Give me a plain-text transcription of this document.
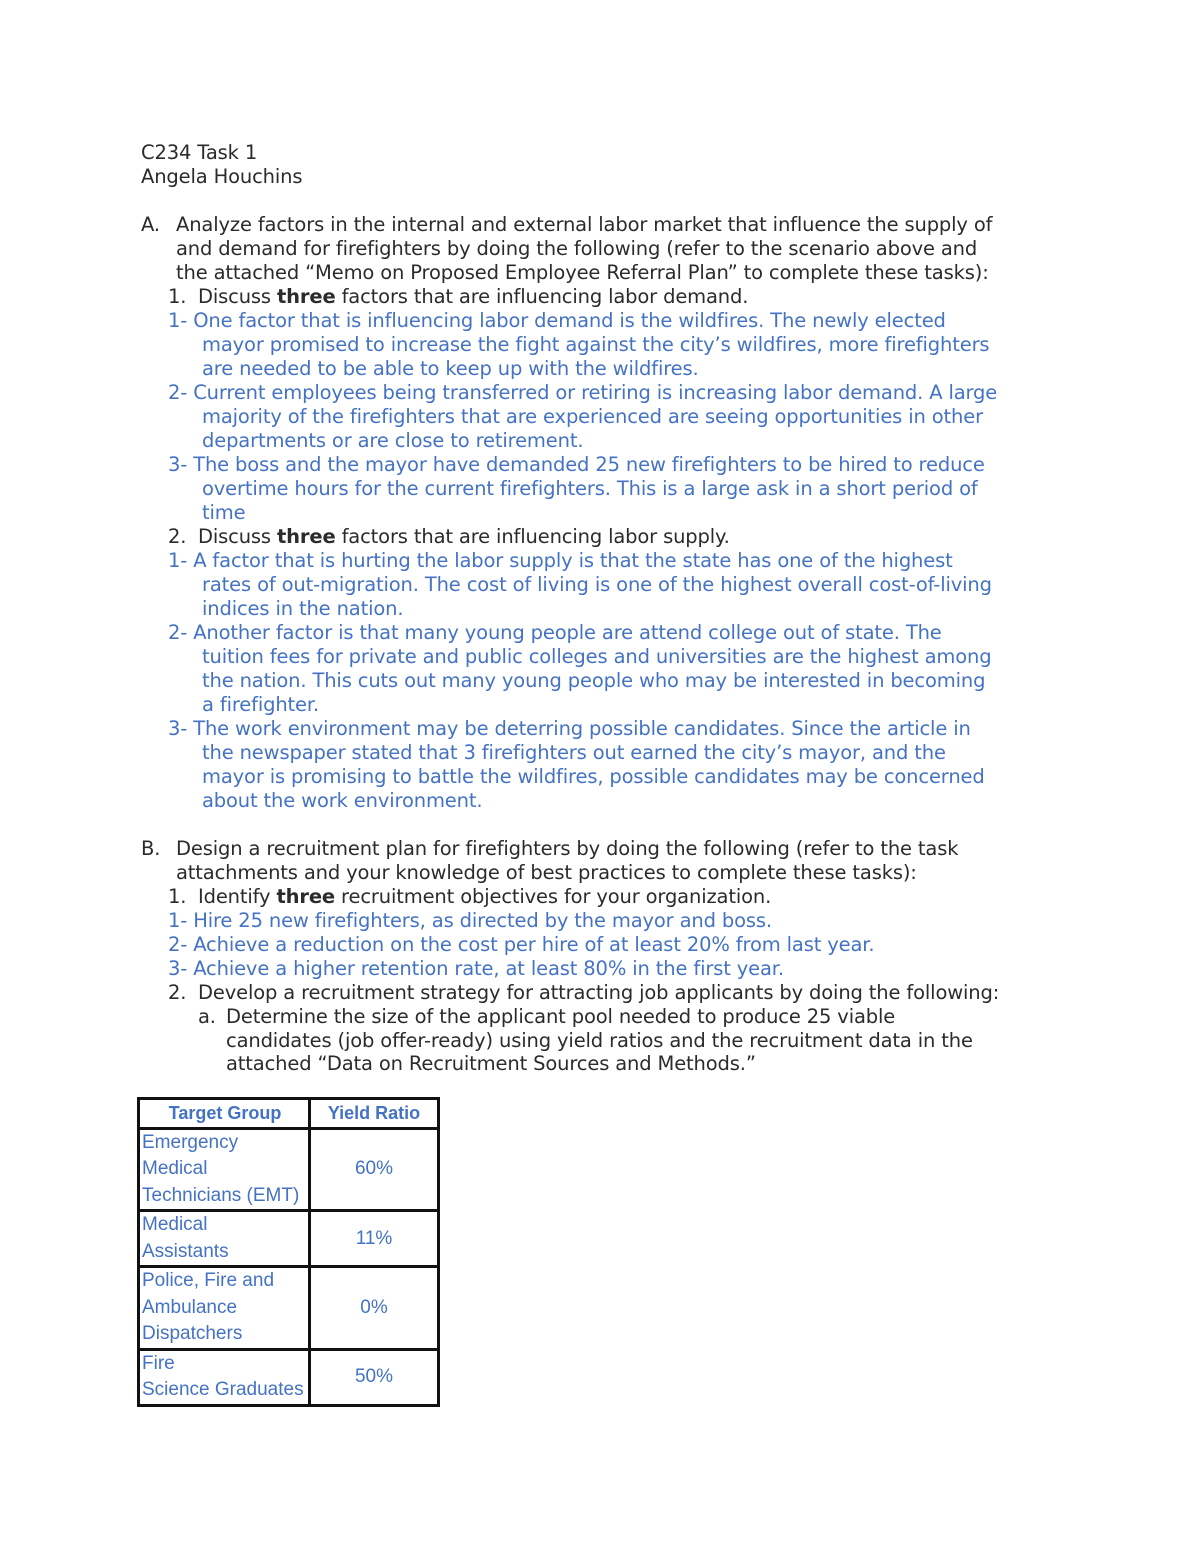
C234 Task 1
Angela Houchins
A. Analyze factors in the internal and external labor market that influence the supply of
and demand for firefighters by doing the following (refer to the scenario above and
the attached “Memo on Proposed Employee Referral Plan” to complete these tasks):
1. Discuss three factors that are influencing labor demand.
1- One factor that is influencing labor demand is the wildfires. The newly elected
mayor promised to increase the fight against the city’s wildfires, more firefighters
are needed to be able to keep up with the wildfires.
2- Current employees being transferred or retiring is increasing labor demand. A large
majority of the firefighters that are experienced are seeing opportunities in other
departments or are close to retirement.
3- The boss and the mayor have demanded 25 new firefighters to be hired to reduce
overtime hours for the current firefighters. This is a large ask in a short period of
time
2. Discuss three factors that are influencing labor supply.
1- A factor that is hurting the labor supply is that the state has one of the highest
rates of out-migration. The cost of living is one of the highest overall cost-of-living
indices in the nation.
2- Another factor is that many young people are attend college out of state. The
tuition fees for private and public colleges and universities are the highest among
the nation. This cuts out many young people who may be interested in becoming
a firefighter.
3- The work environment may be deterring possible candidates. Since the article in
the newspaper stated that 3 firefighters out earned the city’s mayor, and the
mayor is promising to battle the wildfires, possible candidates may be concerned
about the work environment.
B. Design a recruitment plan for firefighters by doing the following (refer to the task
attachments and your knowledge of best practices to complete these tasks):
1. Identify three recruitment objectives for your organization.
1- Hire 25 new firefighters, as directed by the mayor and boss.
2- Achieve a reduction on the cost per hire of at least 20% from last year.
3- Achieve a higher retention rate, at least 80% in the first year.
2. Develop a recruitment strategy for attracting job applicants by doing the following:
a. Determine the size of the applicant pool needed to produce 25 viable
candidates (job offer-ready) using yield ratios and the recruitment data in the
attached “Data on Recruitment Sources and Methods.”
Target Group	Yield Ratio

Emergency
Medical
Technicians (EMT)	60%

Medical
Assistants	11%

Police, Fire and
Ambulance
Dispatchers	0%

Fire
Science Graduates	50%
